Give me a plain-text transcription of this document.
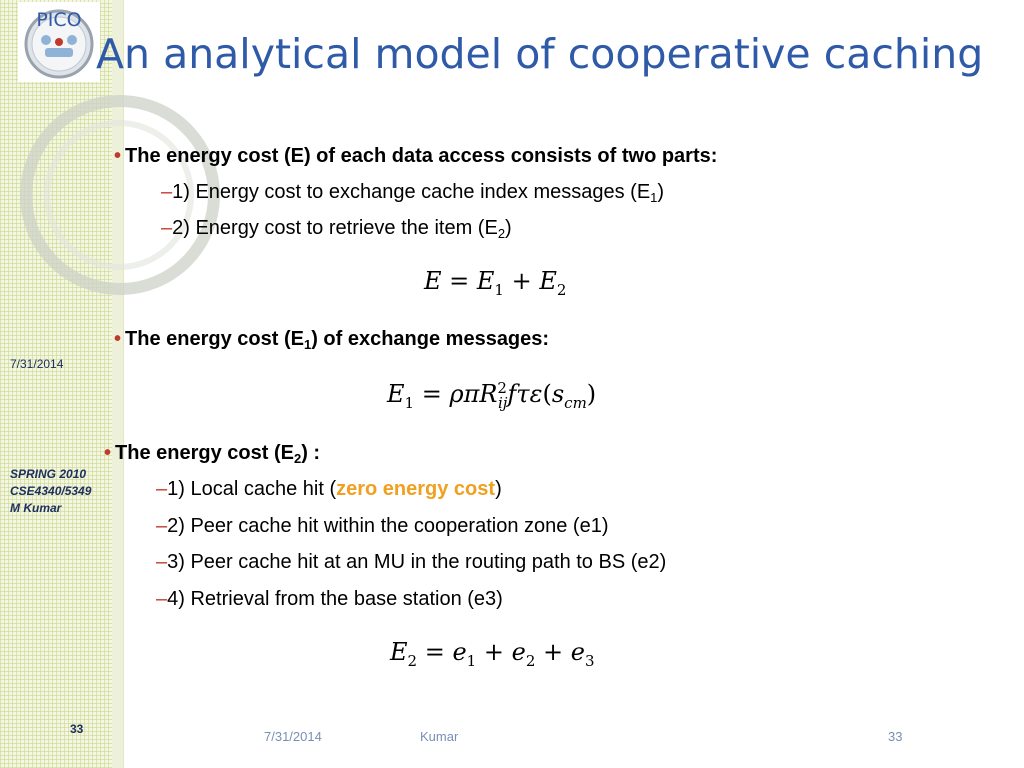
PICO
An analytical model of cooperative caching
7/31/2014
SPRING 2010
CSE4340/5349
M Kumar
33
• The energy cost (E) of each data access consists of two parts:
–1) Energy cost to exchange cache index messages $(E_1)$
–2) Energy cost to retrieve the item $(E_2)$
$E = E_1 + E_2$
• The energy cost $(E_1)$ of exchange messages:
$E_1 = \rho\pi R^2_{ij}f\tau\varepsilon(s_{cm})$
• The energy cost $(E_2)$ :
–1) Local cache hit (zero energy cost)
–2) Peer cache hit within the cooperation zone (e1)
–3) Peer cache hit at an MU in the routing path to BS (e2)
–4) Retrieval from the base station (e3)
$E_2 = e_1 + e_2 + e_3$
7/31/2014	Kumar	33
